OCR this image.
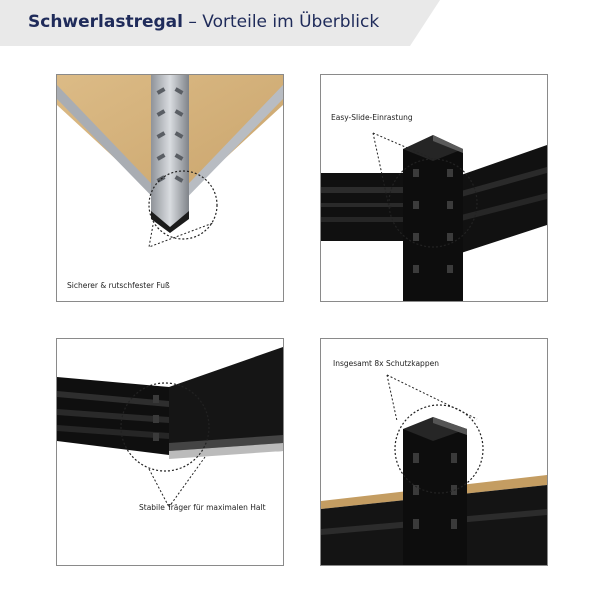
Schwerlastregal – Vorteile im Überblick
Sicherer & rutschfester Fuß
Easy-Slide-Einrastung
Stabile Träger für maximalen Halt
Insgesamt 8x Schutzkappen
